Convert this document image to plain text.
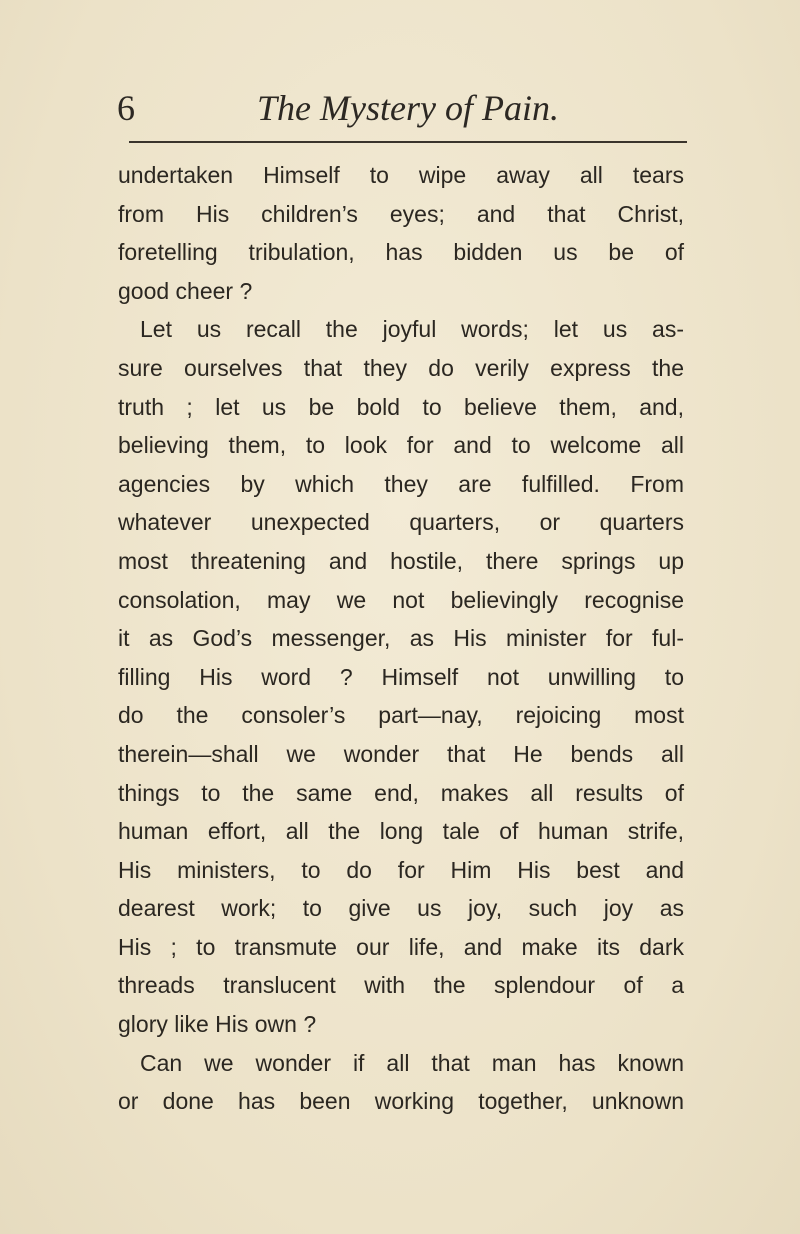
6	The Mystery of Pain.
undertaken Himself to wipe away all tears
from His children’s eyes; and that Christ,
foretelling tribulation, has bidden us be of
good cheer ?
Let us recall the joyful words; let us as-
sure ourselves that they do verily express the
truth ; let us be bold to believe them, and,
believing them, to look for and to welcome all
agencies by which they are fulfilled. From
whatever unexpected quarters, or quarters
most threatening and hostile, there springs up
consolation, may we not believingly recognise
it as God’s messenger, as His minister for ful-
filling His word ? Himself not unwilling to
do the consoler’s part—nay, rejoicing most
therein—shall we wonder that He bends all
things to the same end, makes all results of
human effort, all the long tale of human strife,
His ministers, to do for Him His best and
dearest work; to give us joy, such joy as
His ; to transmute our life, and make its dark
threads translucent with the splendour of a
glory like His own ?
Can we wonder if all that man has known
or done has been working together, unknown
